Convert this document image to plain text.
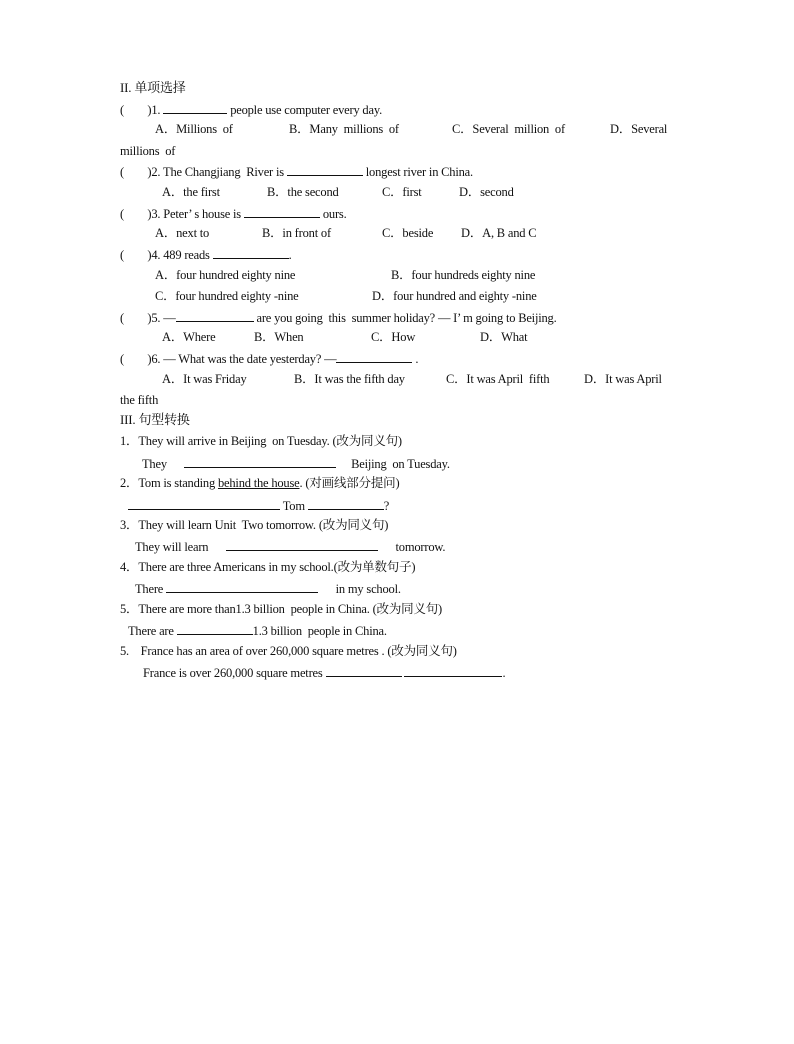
II. 单项选择
(        )1.	people use computer every day.
A．Millions  of	B．Many  millions  of	C．Several  million  of	D．Several
millions  of
(        )2. The Changjiang  River is	longest river in China.
A．the first	B．the second	C．first	D．second
(        )3. Peter’ s house is	ours.
A．next to	B．in front of	C．beside D．A, B and C
(        )4. 489 reads	.
A．four hundred eighty nine	B．four hundreds eighty nine
C．four hundred eighty -nine	D．four hundred and eighty -nine
(        )5. —	are you going  this  summer holiday? — I’ m going to Beijing.
A．Where	B．When	C．How	D．What
(        )6. — What was the date yesterday? —	.
A．It was Friday	B．It was the fifth day	C．It was April  fifth	D．It was April
the fifth
III. 句型转换
1．They will arrive in Beijing  on Tuesday. (改为同义句)
They	Beijing  on Tuesday.
2．Tom is standing behind the house. (对画线部分提问)
Tom	?
3．They will learn Unit  Two tomorrow. (改为同义句)
They will learn	tomorrow.
4．There are three Americans in my school.(改为单数句子)
There	in my school.
5．There are more than1.3 billion  people in China. (改为同义句)
There are	1.3 billion  people in China.
5.    France has an area of over 260,000 square metres . (改为同义句)
France is over 260,000 square metres	.
